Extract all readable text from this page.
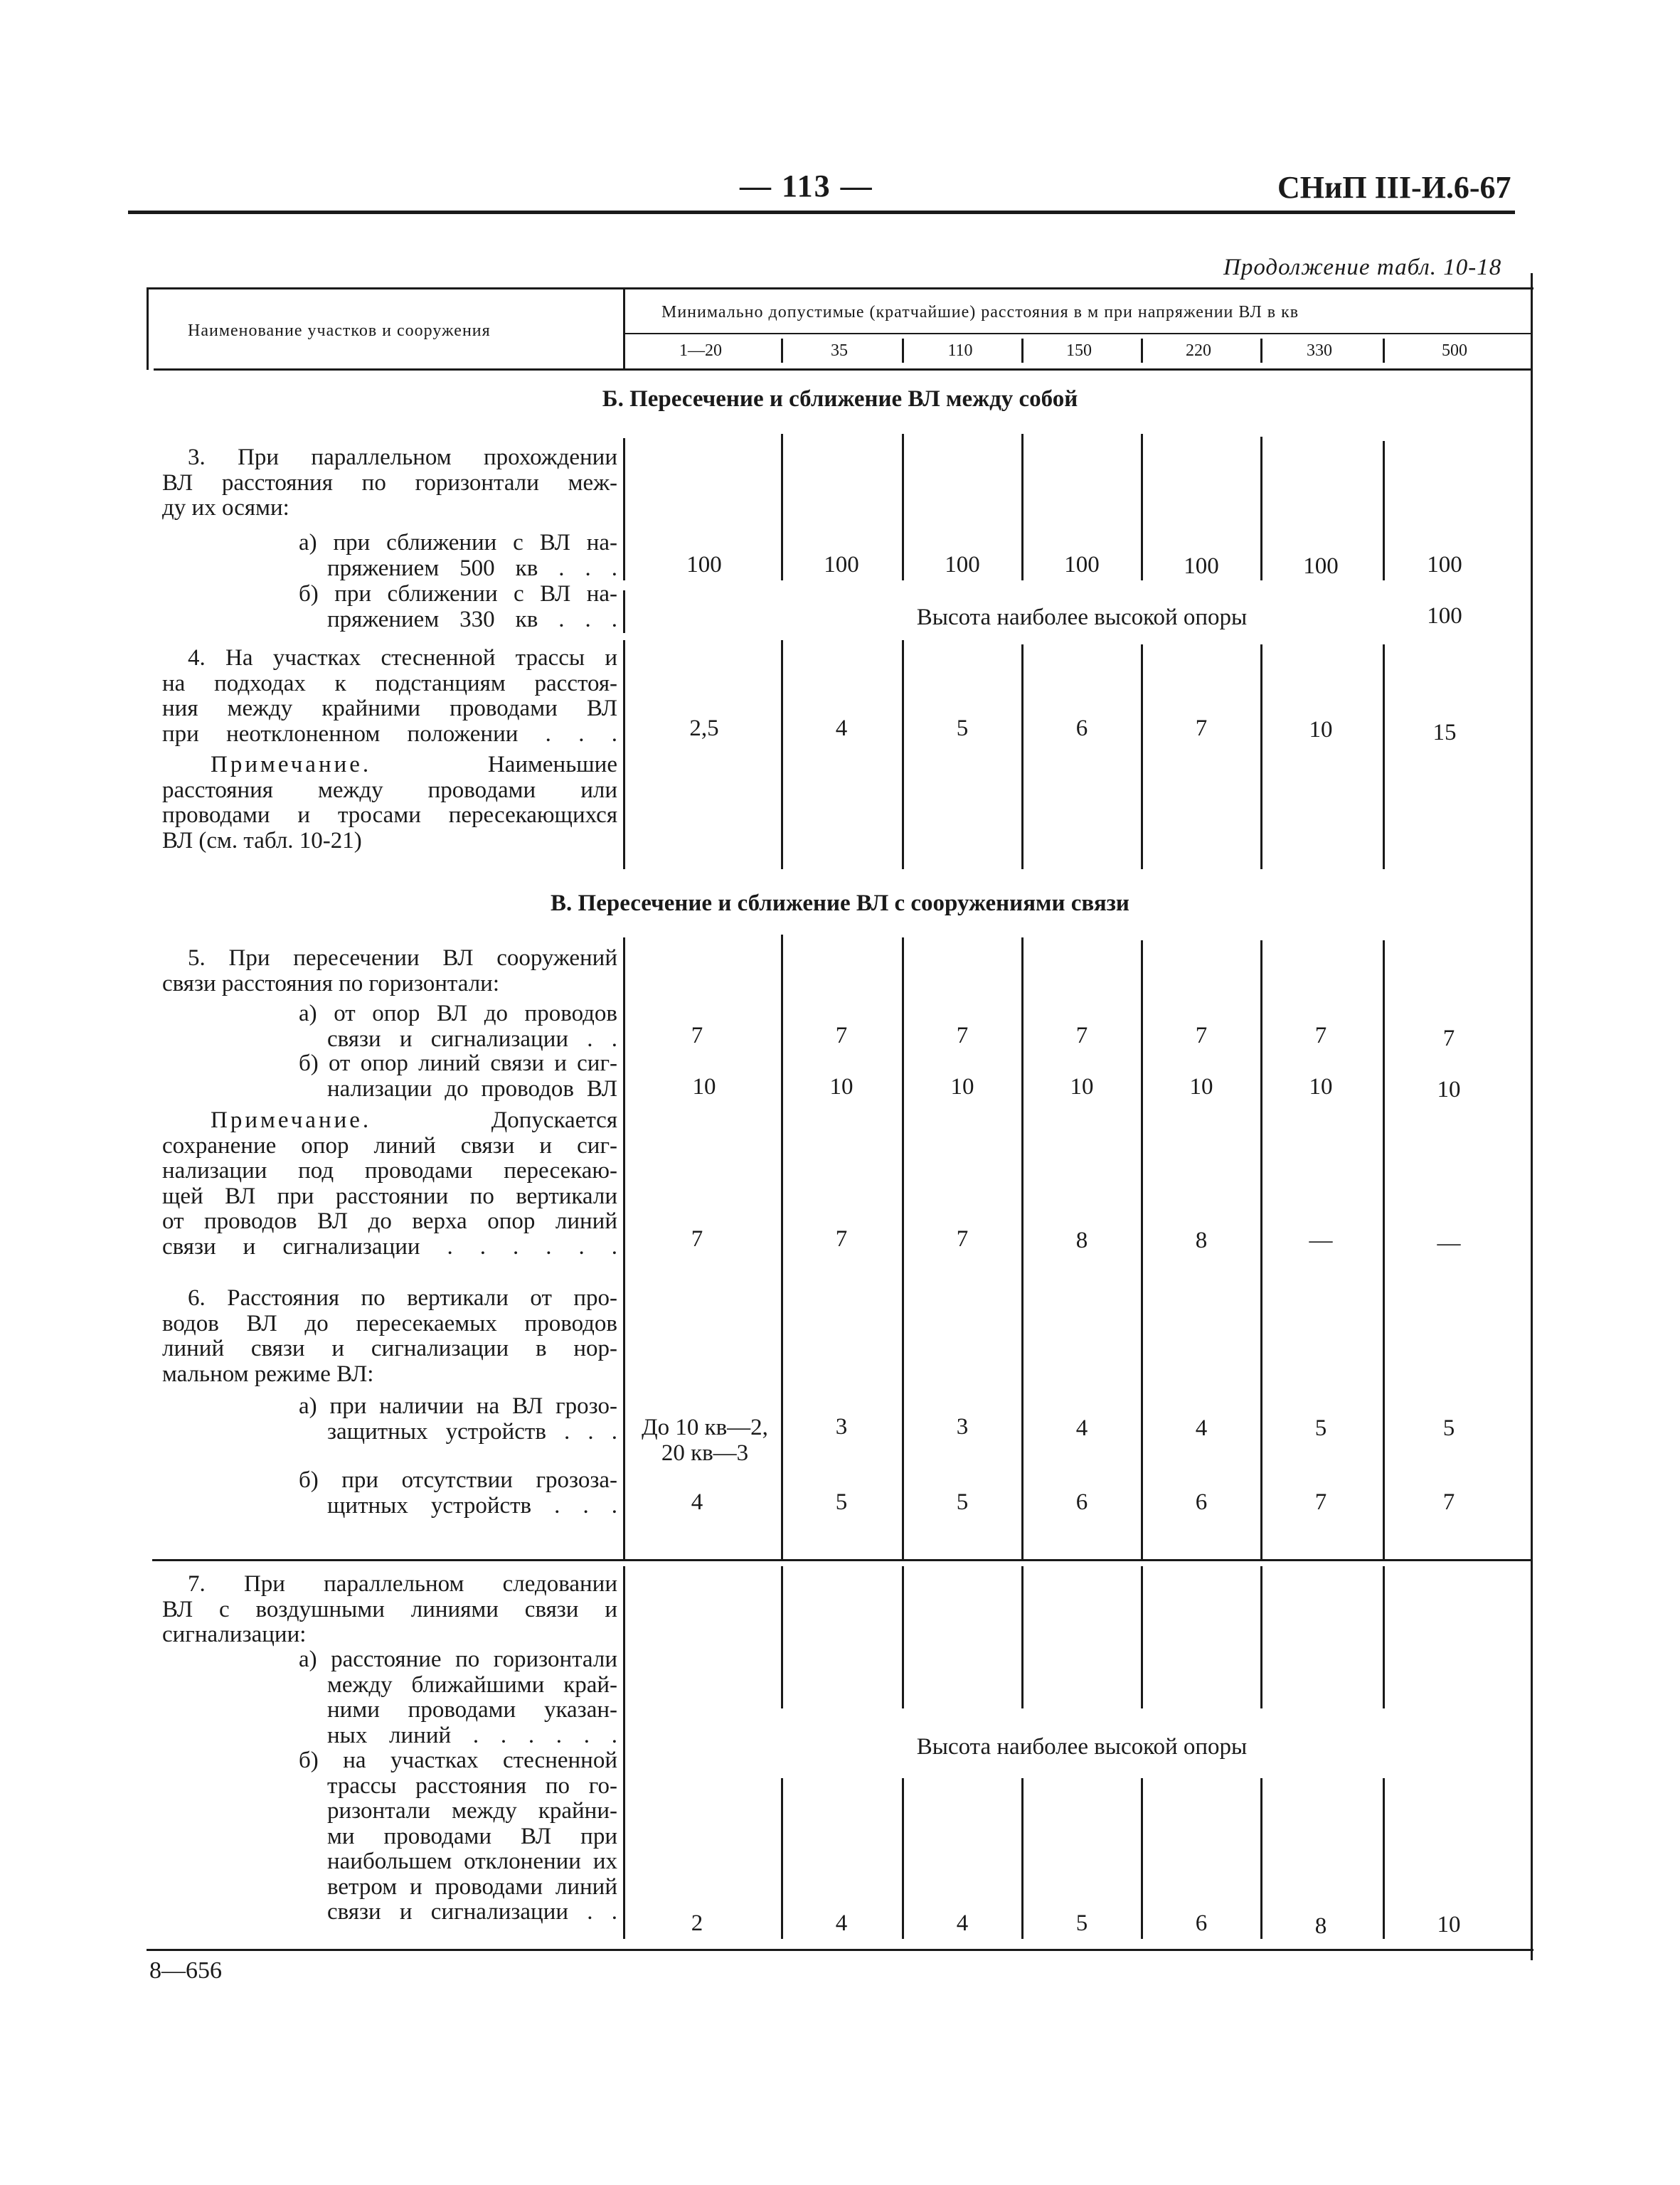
— 113 —	СНиП III-И.6-67
Продолжение табл. 10-18
Наименование участков и сооружения
Минимально допустимые (кратчайшие) расстояния в м при напряжении ВЛ в кв
1—20	35	110	150	220	330	500
Б. Пересечение и сближение ВЛ между собой
3. При параллельном прохождении
ВЛ расстояния по горизонтали меж-
ду их осями:
а) при сближении с ВЛ на-
пряжением 500 кв . . .	100	100	100	100	100	100	100
б) при сближении с ВЛ на-
пряжением 330 кв . . .	Высота наиболее высокой опоры	100
4. На участках стесненной трассы и
на подходах к подстанциям расстоя-
ния между крайними проводами ВЛ
при неотклоненном положении . . .	2,5	4	5	6	7	10	15
Примечание.	Наименьшие
расстояния между проводами или
проводами и тросами пересекающихся
ВЛ (см. табл. 10-21)
В. Пересечение и сближение ВЛ с сооружениями связи
5. При пересечении ВЛ сооружений
связи расстояния по горизонтали:
а) от опор ВЛ до проводов
связи и сигнализации . .	7	7	7	7	7	7	7
б) от опор линий связи и сиг-
нализации до проводов ВЛ	10	10	10	10	10	10	10
Примечание.	Допускается
сохранение опор линий связи и сиг-
нализации под проводами пересекаю-
щей ВЛ при расстоянии по вертикали
от проводов ВЛ до верха опор линий
связи и сигнализации . . . . . .	7	7	7	8	8	—	—
6. Расстояния по вертикали от про-
водов ВЛ до пересекаемых проводов
линий связи и сигнализации в нор-
мальном режиме ВЛ:
а) при наличии на ВЛ грозо-
защитных устройств . . .	До 10 кв—2,
20 кв—3
3	3	4	4	5	5
б) при отсутствии грозоза-
щитных устройств . . .	4	5	5	6	6	7	7
7. При параллельном следовании
ВЛ с воздушными линиями связи и
сигнализации:
а) расстояние по горизонтали
между ближайшими край-
ними проводами указан-
ных линий . . . . . .	Высота наиболее высокой опоры
б) на участках стесненной
трассы расстояния по го-
ризонтали между крайни-
ми проводами ВЛ при
наибольшем отклонении их
ветром и проводами линий
связи и сигнализации . .	2	4	4	5	6	8	10
8—656
